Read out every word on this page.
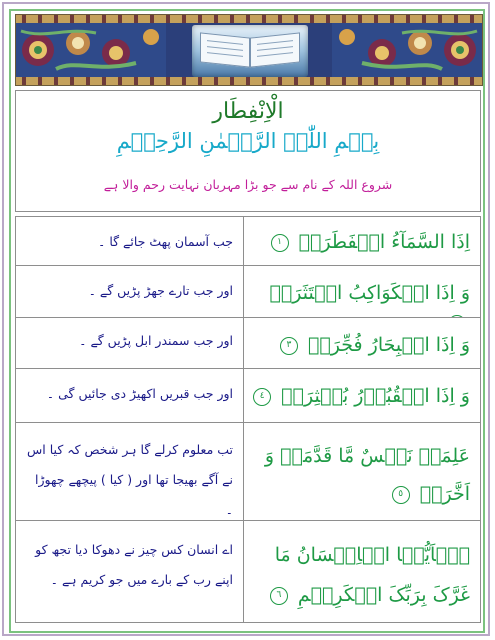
الْاِنْفِطَار
بِسۡمِ اللّٰہِ الرَّحۡمٰنِ الرَّحِیۡمِ
شروع اللہ کے نام سے جو بڑا مہربان نہایت رحم والا ہے
اِذَا السَّمَآءُ انۡفَطَرَتۡ ١
جب آسمان پھٹ جائے گا ۔
وَ اِذَا الۡکَوَاکِبُ انۡتَثَرَتۡ
اور جب تارے جھڑ پڑیں گے ۔
وَ اِذَا الۡبِحَارُ فُجِّرَتۡ ٣
اور جب سمندر ابل پڑیں گے ۔
وَ اِذَا الۡقُبُوۡرُ بُعۡثِرَتۡ ٤
اور جب قبریں اکھیڑ دی جائیں گی ۔
عَلِمَتۡ نَفۡسٌ مَّا قَدَّمَتۡ وَ اَخَّرَتۡ ٥
تب معلوم کرلے گا ہر شخص کہ کیا اس نے آگے بھیجا تھا اور ( کیا ) پیچھے چھوڑا ۔
یٰۤاَیُّہَا الۡاِنۡسَانُ مَا غَرَّکَ بِرَبِّکَ الۡکَرِیۡمِ ٦
اے انسان کس چیز نے دھوکا دیا تجھ کو اپنے رب کے بارے میں جو کریم ہے ۔
